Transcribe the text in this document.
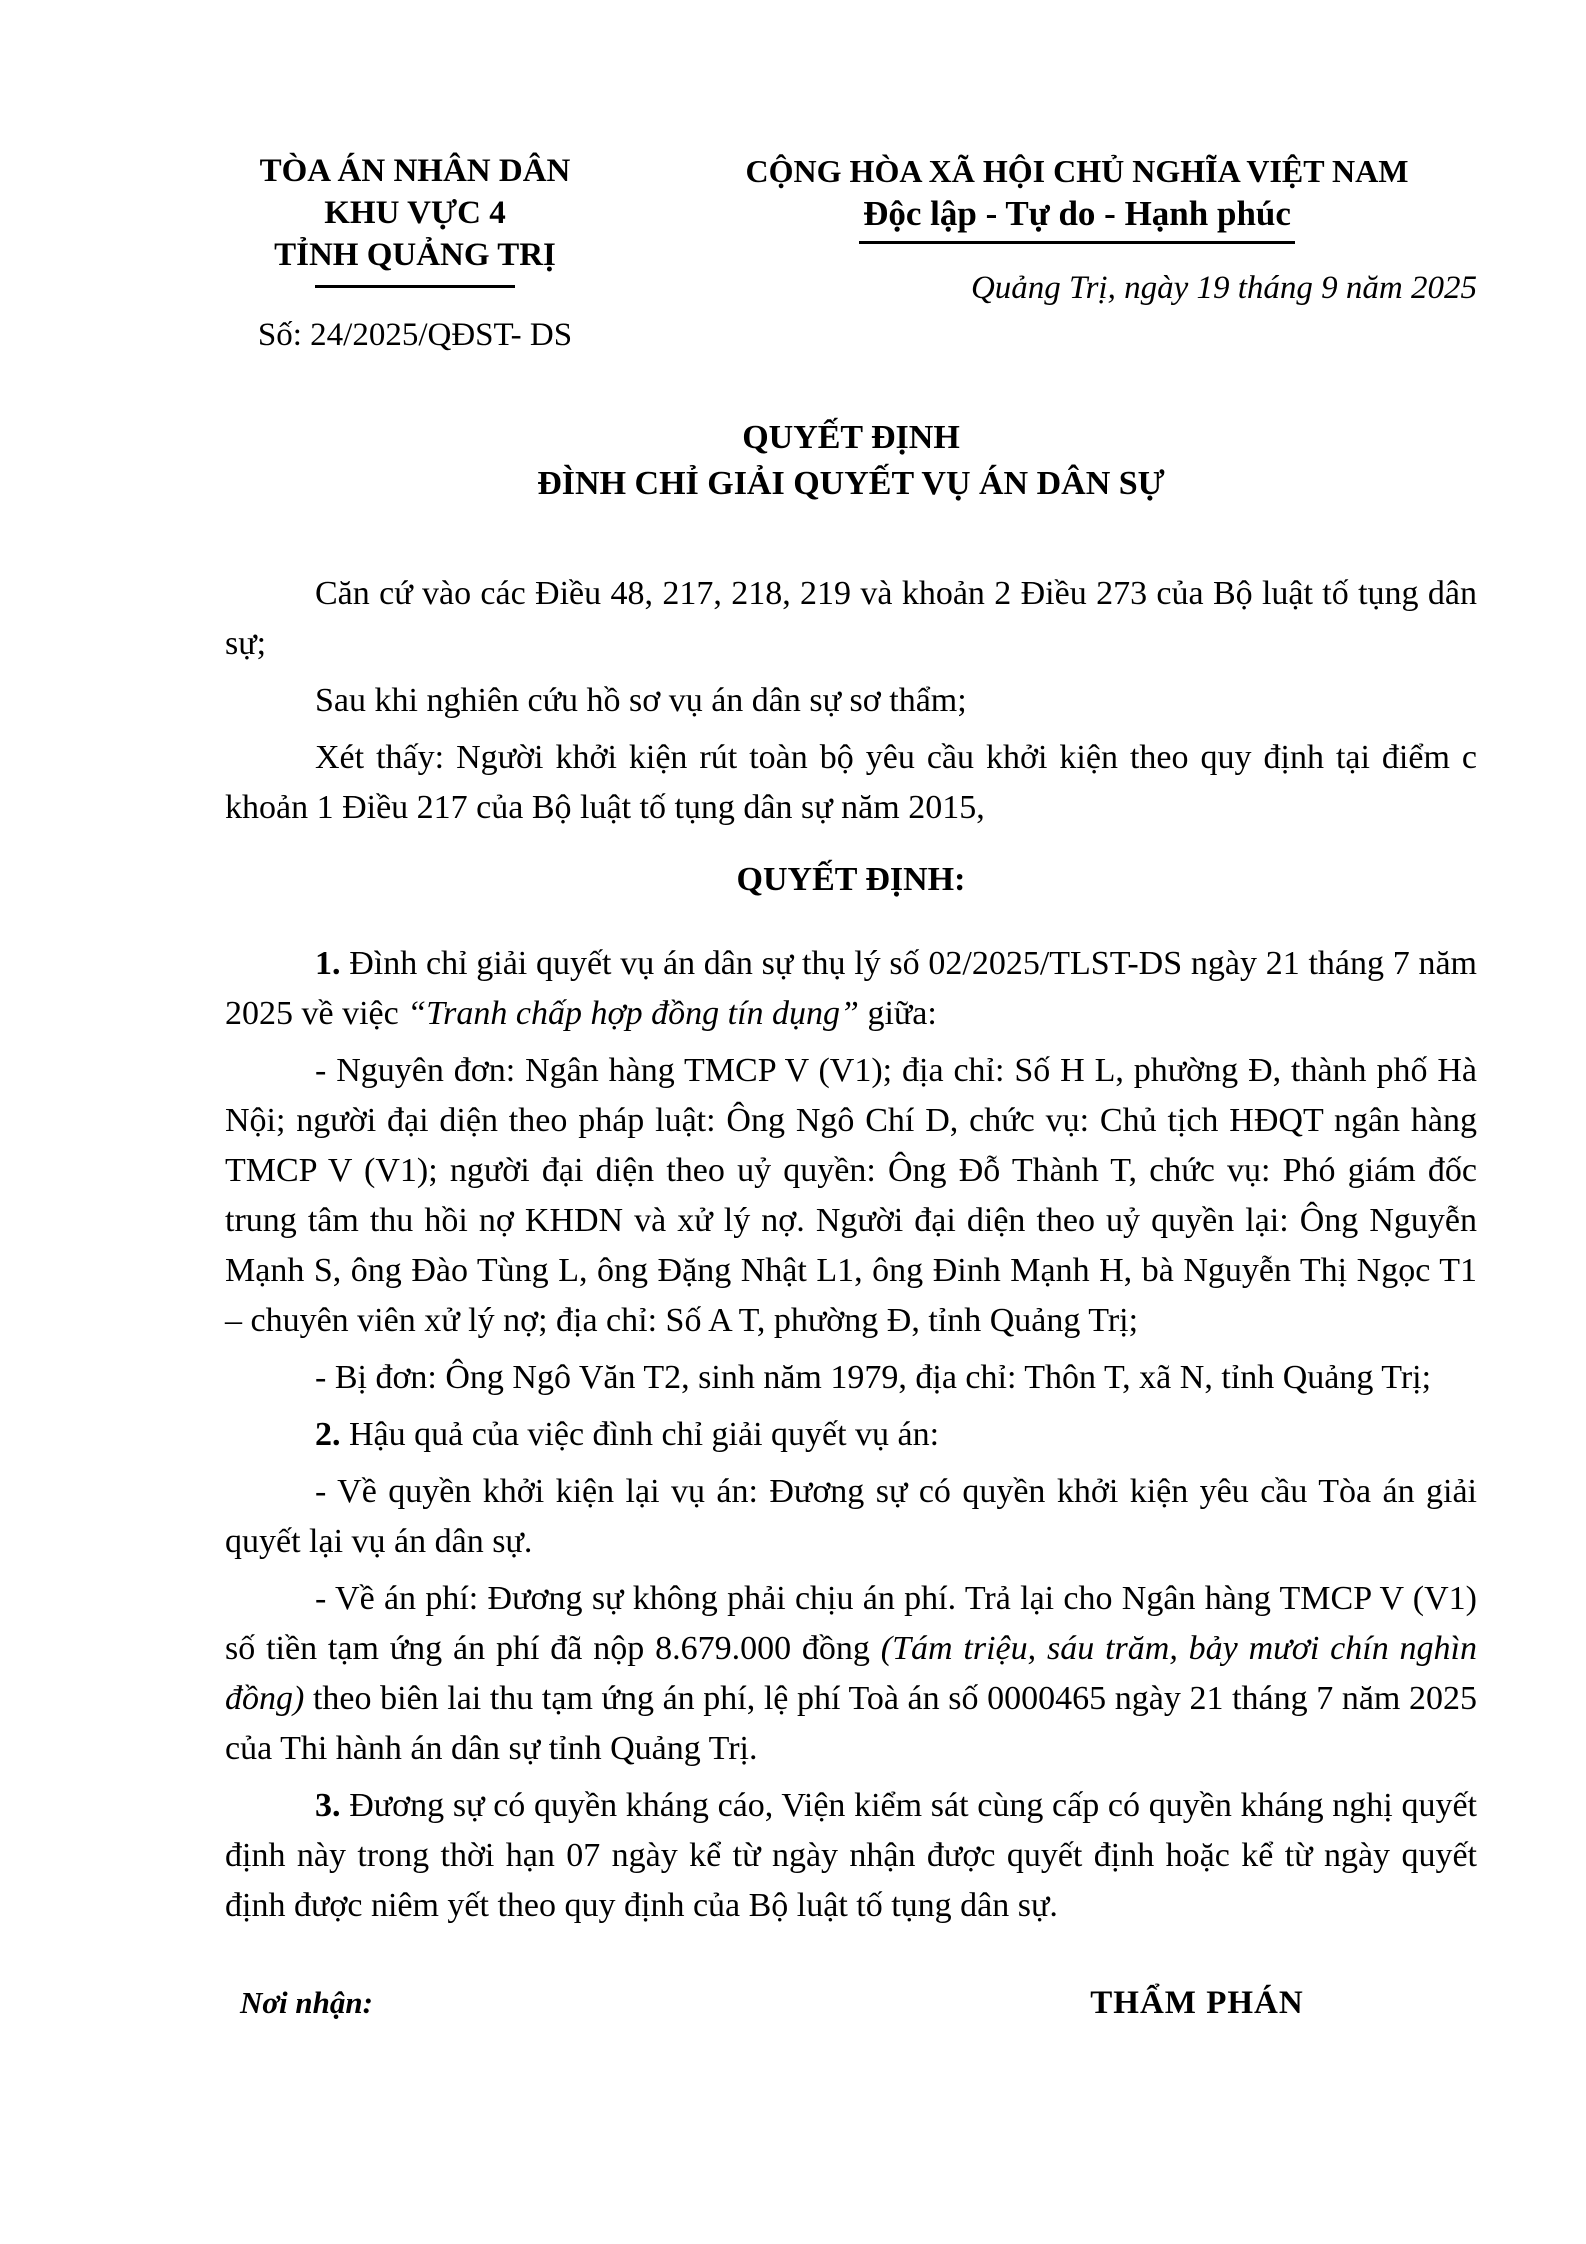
TÒA ÁN NHÂN DÂN
KHU VỰC 4
TỈNH QUẢNG TRỊ
Số: 24/2025/QĐST- DS
CỘNG HÒA XÃ HỘI CHỦ NGHĨA VIỆT NAM
Độc lập - Tự do - Hạnh phúc
Quảng Trị, ngày 19 tháng 9 năm 2025
QUYẾT ĐỊNH
ĐÌNH CHỈ GIẢI QUYẾT VỤ ÁN DÂN SỰ

Căn cứ vào các Điều 48, 217, 218, 219 và khoản 2 Điều 273 của Bộ luật tố tụng dân sự;

Sau khi nghiên cứu hồ sơ vụ án dân sự sơ thẩm;

Xét thấy: Người khởi kiện rút toàn bộ yêu cầu khởi kiện theo quy định tại điểm c khoản 1 Điều 217 của Bộ luật tố tụng dân sự năm 2015,

QUYẾT ĐỊNH:

1. Đình chỉ giải quyết vụ án dân sự thụ lý số 02/2025/TLST-DS ngày 21 tháng 7 năm 2025 về việc “Tranh chấp hợp đồng tín dụng” giữa:

- Nguyên đơn: Ngân hàng TMCP V (V1); địa chỉ: Số H L, phường Đ, thành phố Hà Nội; người đại diện theo pháp luật: Ông Ngô Chí D, chức vụ: Chủ tịch HĐQT ngân hàng TMCP V (V1); người đại diện theo uỷ quyền: Ông Đỗ Thành T, chức vụ: Phó giám đốc trung tâm thu hồi nợ KHDN và xử lý nợ. Người đại diện theo uỷ quyền lại: Ông Nguyễn Mạnh S, ông Đào Tùng L, ông Đặng Nhật L1, ông Đinh Mạnh H, bà Nguyễn Thị Ngọc T1 – chuyên viên xử lý nợ; địa chỉ: Số A T, phường Đ, tỉnh Quảng Trị;

- Bị đơn: Ông Ngô Văn T2, sinh năm 1979, địa chỉ: Thôn T, xã N, tỉnh Quảng Trị;

2. Hậu quả của việc đình chỉ giải quyết vụ án:

- Về quyền khởi kiện lại vụ án: Đương sự có quyền khởi kiện yêu cầu Tòa án giải quyết lại vụ án dân sự.

- Về án phí: Đương sự không phải chịu án phí. Trả lại cho Ngân hàng TMCP V (V1) số tiền tạm ứng án phí đã nộp 8.679.000 đồng (Tám triệu, sáu trăm, bảy mươi chín nghìn đồng) theo biên lai thu tạm ứng án phí, lệ phí Toà án số 0000465 ngày 21 tháng 7 năm 2025 của Thi hành án dân sự tỉnh Quảng Trị.

3. Đương sự có quyền kháng cáo, Viện kiểm sát cùng cấp có quyền kháng nghị quyết định này trong thời hạn 07 ngày kể từ ngày nhận được quyết định hoặc kể từ ngày quyết định được niêm yết theo quy định của Bộ luật tố tụng dân sự.

Nơi nhận:	THẨM PHÁN
